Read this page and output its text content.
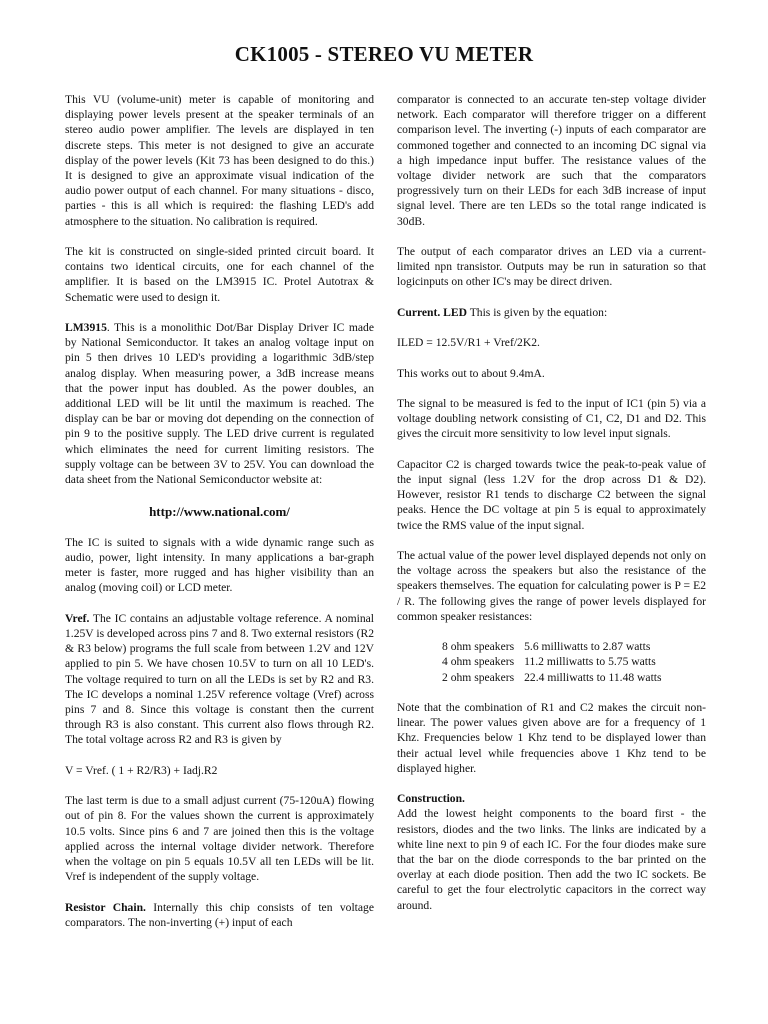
CK1005 - STEREO VU METER

This VU (volume-unit) meter is capable of monitoring and displaying power levels present at the speaker terminals of an stereo audio power amplifier. The levels are displayed in ten discrete steps. This meter is not designed to give an accurate display of the power levels (Kit 73 has been designed to do this.) It is designed to give an approximate visual indication of the audio power output of each channel. For many situations - disco, parties - this is all which is required: the flashing LED's add atmosphere to the situation. No calibration is required.

The kit is constructed on single-sided printed circuit board. It contains two identical circuits, one for each channel of the amplifier. It is based on the LM3915 IC. Protel Autotrax & Schematic were used to design it.

LM3915. This is a monolithic Dot/Bar Display Driver IC made by National Semiconductor. It takes an analog voltage input on pin 5 then drives 10 LED's providing a logarithmic 3dB/step analog display. When measuring power, a 3dB increase means that the power input has doubled. As the power doubles, an additional LED will be lit until the maximum is reached. The display can be bar or moving dot depending on the connection of pin 9 to the positive supply. The LED drive current is regulated which eliminates the need for current limiting resistors. The supply voltage can be between 3V to 25V. You can download the data sheet from the National Semiconductor website at:

http://www.national.com/

The IC is suited to signals with a wide dynamic range such as audio, power, light intensity. In many applications a bar-graph meter is faster, more rugged and has higher visibility than an analog (moving coil) or LCD meter.

Vref. The IC contains an adjustable voltage reference. A nominal 1.25V is developed across pins 7 and 8. Two external resistors (R2 & R3 below) programs the full scale from between 1.2V and 12V applied to pin 5. We have chosen 10.5V to turn on all 10 LED's. The voltage required to turn on all the LEDs is set by R2 and R3. The IC develops a nominal 1.25V reference voltage (Vref) across pins 7 and 8. Since this voltage is constant then the current through R3 is also constant. This current also flows through R2. The total voltage across R2 and R3 is given by

V = Vref. ( 1 + R2/R3) + Iadj.R2

The last term is due to a small adjust current (75-120uA) flowing out of pin 8. For the values shown the current is approximately 10.5 volts. Since pins 6 and 7 are joined then this is the voltage applied across the internal voltage divider network. Therefore when the voltage on pin 5 equals 10.5V all ten LEDs will be lit. Vref is independent of the supply voltage.

Resistor Chain. Internally this chip consists of ten voltage comparators. The non-inverting (+) input of each

comparator is connected to an accurate ten-step voltage divider network. Each comparator will therefore trigger on a different comparison level. The inverting (-) inputs of each comparator are commoned together and connected to an incoming DC signal via a high impedance input buffer. The resistance values of the voltage divider network are such that the comparators progressively turn on their LEDs for each 3dB increase of input signal level. There are ten LEDs so the total range indicated is 30dB.

The output of each comparator drives an LED via a current-limited npn transistor. Outputs may be run in saturation so that logicinputs on other IC's may be direct driven.

Current. LED This is given by the equation:

ILED = 12.5V/R1 + Vref/2K2.

This works out to about 9.4mA.

The signal to be measured is fed to the input of IC1 (pin 5) via a voltage doubling network consisting of C1, C2, D1 and D2. This gives the circuit more sensitivity to low level input signals.

Capacitor C2 is charged towards twice the peak-to-peak value of the input signal (less 1.2V for the drop across D1 & D2). However, resistor R1 tends to discharge C2 between the signal peaks. Hence the DC voltage at pin 5 is equal to approximately twice the RMS value of the input signal.

The actual value of the power level displayed depends not only on the voltage across the speakers but also the resistance of the speakers themselves. The equation for calculating power is P = E2 / R. The following gives the range of power levels displayed for common speaker resistances:

8 ohm speakers	5.6 milliwatts to 2.87 watts
4 ohm speakers	11.2 milliwatts to 5.75 watts
2 ohm speakers	22.4 milliwatts to 11.48 watts

Note that the combination of R1 and C2 makes the circuit non-linear. The power values given above are for a frequency of 1 Khz. Frequencies below 1 Khz tend to be displayed lower than their actual level while frequencies above 1 Khz tend to be displayed higher.

Construction.

Add the lowest height components to the board first - the resistors, diodes and the two links. The links are indicated by a white line next to pin 9 of each IC. For the four diodes make sure that the bar on the diode corresponds to the bar printed on the overlay at each diode position. Then add the two IC sockets. Be careful to get the four electrolytic capacitors in the correct way around.
